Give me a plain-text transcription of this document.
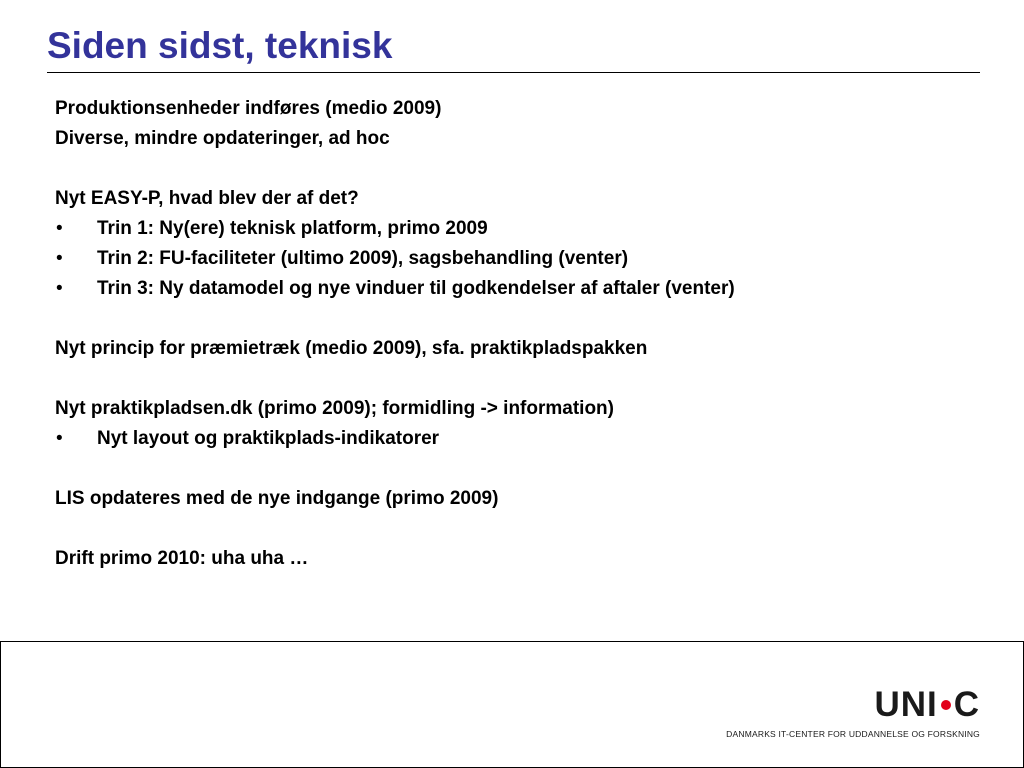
Siden sidst, teknisk
Produktionsenheder indføres (medio 2009)
Diverse, mindre opdateringer, ad hoc
Nyt EASY-P, hvad blev der af det?
• Trin 1: Ny(ere) teknisk platform, primo 2009
• Trin 2: FU-faciliteter (ultimo 2009), sagsbehandling (venter)
• Trin 3: Ny datamodel og nye vinduer til godkendelser af aftaler (venter)
Nyt princip for præmietræk (medio 2009), sfa. praktikpladspakken
Nyt praktikpladsen.dk (primo 2009); formidling -> information)
• Nyt layout og praktikplads-indikatorer
LIS opdateres med de nye indgange (primo 2009)
Drift primo 2010: uha uha …
UNI C
DANMARKS IT-CENTER FOR UDDANNELSE OG FORSKNING
